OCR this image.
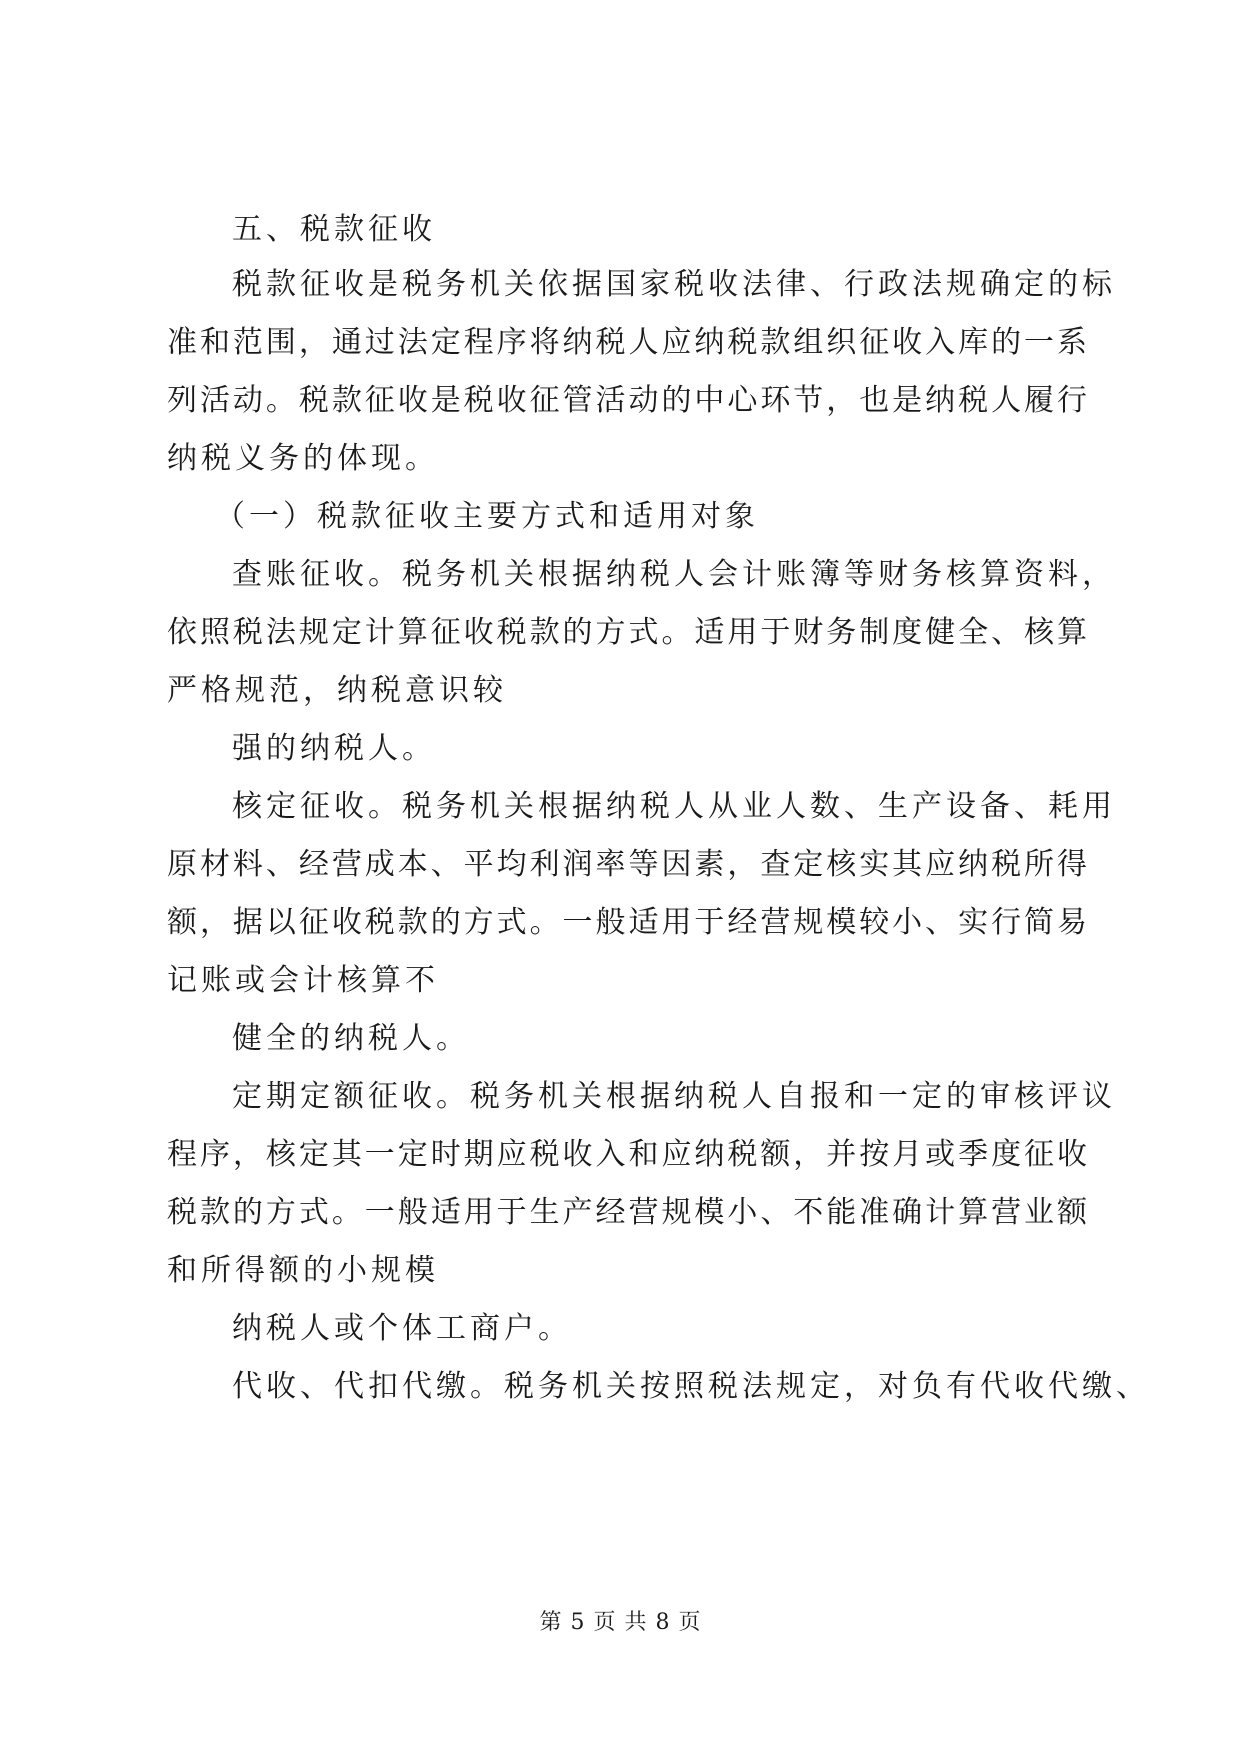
五、税款征收
税款征收是税务机关依据国家税收法律、行政法规确定的标
准和范围，通过法定程序将纳税人应纳税款组织征收入库的一系
列活动。税款征收是税收征管活动的中心环节，也是纳税人履行
纳税义务的体现。
（一）税款征收主要方式和适用对象
查账征收。税务机关根据纳税人会计账簿等财务核算资料，
依照税法规定计算征收税款的方式。适用于财务制度健全、核算
严格规范，纳税意识较
强的纳税人。
核定征收。税务机关根据纳税人从业人数、生产设备、耗用
原材料、经营成本、平均利润率等因素，查定核实其应纳税所得
额，据以征收税款的方式。一般适用于经营规模较小、实行简易
记账或会计核算不
健全的纳税人。
定期定额征收。税务机关根据纳税人自报和一定的审核评议
程序，核定其一定时期应税收入和应纳税额，并按月或季度征收
税款的方式。一般适用于生产经营规模小、不能准确计算营业额
和所得额的小规模
纳税人或个体工商户。
代收、代扣代缴。税务机关按照税法规定，对负有代收代缴、
第 5 页 共 8 页
